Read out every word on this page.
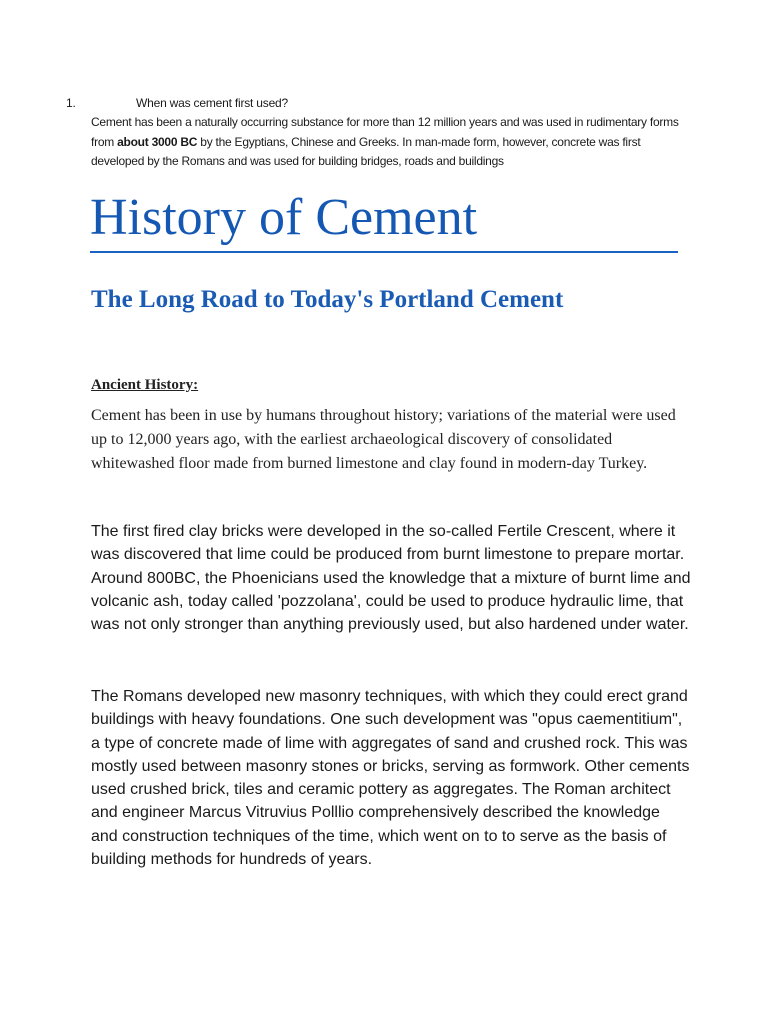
1.	When was cement first used?

Cement has been a naturally occurring substance for more than 12 million years and was used in rudimentary forms from about 3000 BC by the Egyptians, Chinese and Greeks. In man-made form, however, concrete was first developed by the Romans and was used for building bridges, roads and buildings

History of Cement
The Long Road to Today's Portland Cement
Ancient History:

Cement has been in use by humans throughout history; variations of the material were used up to 12,000 years ago, with the earliest archaeological discovery of consolidated whitewashed floor made from burned limestone and clay found in modern-day Turkey.

The first fired clay bricks were developed in the so-called Fertile Crescent, where it was discovered that lime could be produced from burnt limestone to prepare mortar. Around 800BC, the Phoenicians used the knowledge that a mixture of burnt lime and volcanic ash, today called 'pozzolana', could be used to produce hydraulic lime, that was not only stronger than anything previously used, but also hardened under water.

The Romans developed new masonry techniques, with which they could erect grand buildings with heavy foundations. One such development was "opus caementitium", a type of concrete made of lime with aggregates of sand and crushed rock. This was mostly used between masonry stones or bricks, serving as formwork. Other cements used crushed brick, tiles and ceramic pottery as aggregates. The Roman architect and engineer Marcus Vitruvius Polllio comprehensively described the knowledge and construction techniques of the time, which went on to to serve as the basis of building methods for hundreds of years.
